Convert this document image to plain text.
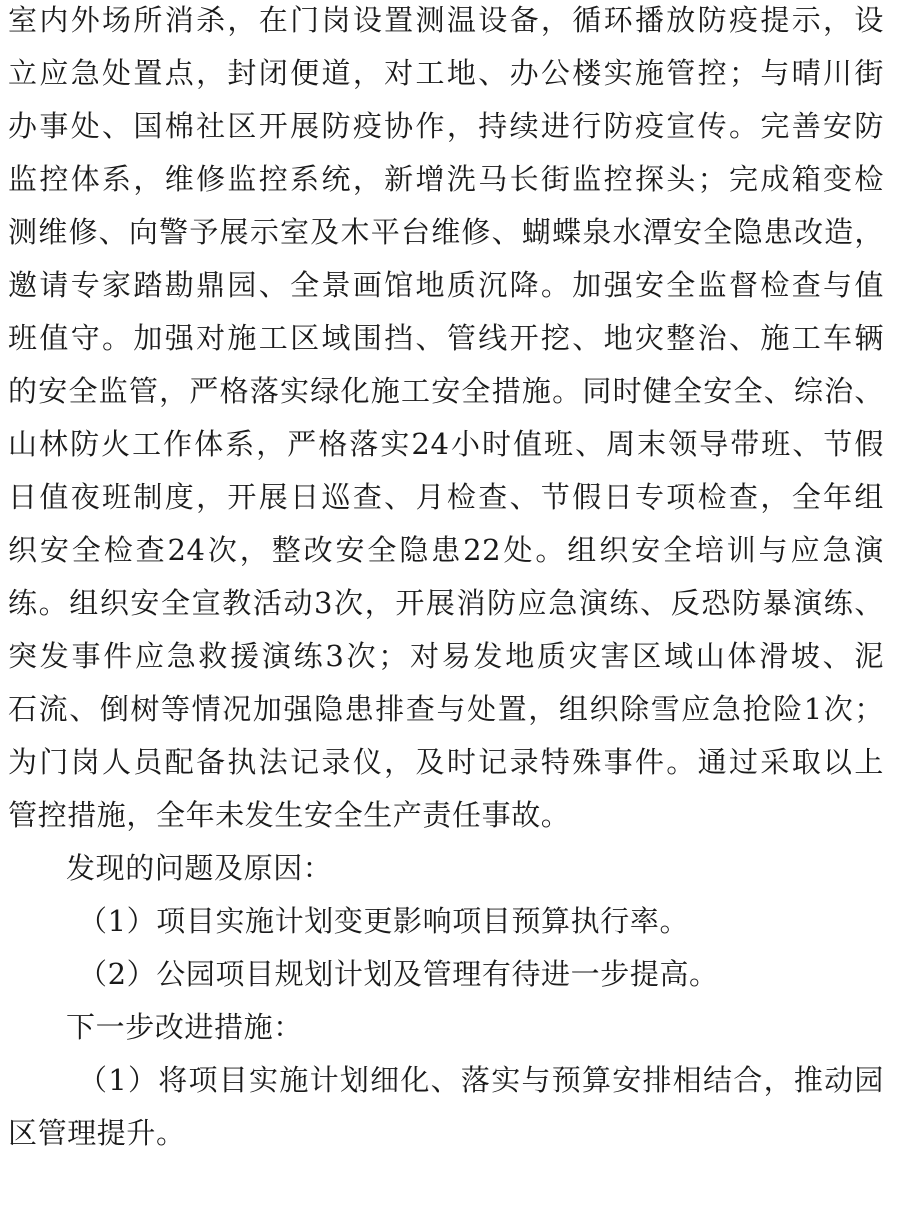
室内外场所消杀，在门岗设置测温设备，循环播放防疫提示，设
立应急处置点，封闭便道，对工地、办公楼实施管控；与晴川街
办事处、国棉社区开展防疫协作，持续进行防疫宣传。完善安防
监控体系，维修监控系统，新增洗马长街监控探头；完成箱变检
测维修、向警予展示室及木平台维修、蝴蝶泉水潭安全隐患改造，
邀请专家踏勘鼎园、全景画馆地质沉降。加强安全监督检查与值
班值守。加强对施工区域围挡、管线开挖、地灾整治、施工车辆
的安全监管，严格落实绿化施工安全措施。同时健全安全、综治、
山林防火工作体系，严格落实24小时值班、周末领导带班、节假
日值夜班制度，开展日巡查、月检查、节假日专项检查，全年组
织安全检查24次，整改安全隐患22处。组织安全培训与应急演
练。组织安全宣教活动3次，开展消防应急演练、反恐防暴演练、
突发事件应急救援演练3次；对易发地质灾害区域山体滑坡、泥
石流、倒树等情况加强隐患排查与处置，组织除雪应急抢险1次；
为门岗人员配备执法记录仪，及时记录特殊事件。通过采取以上
管控措施，全年未发生安全生产责任事故。
发现的问题及原因：
（1）项目实施计划变更影响项目预算执行率。
（2）公园项目规划计划及管理有待进一步提高。
下一步改进措施：
（1）将项目实施计划细化、落实与预算安排相结合，推动园
区管理提升。
